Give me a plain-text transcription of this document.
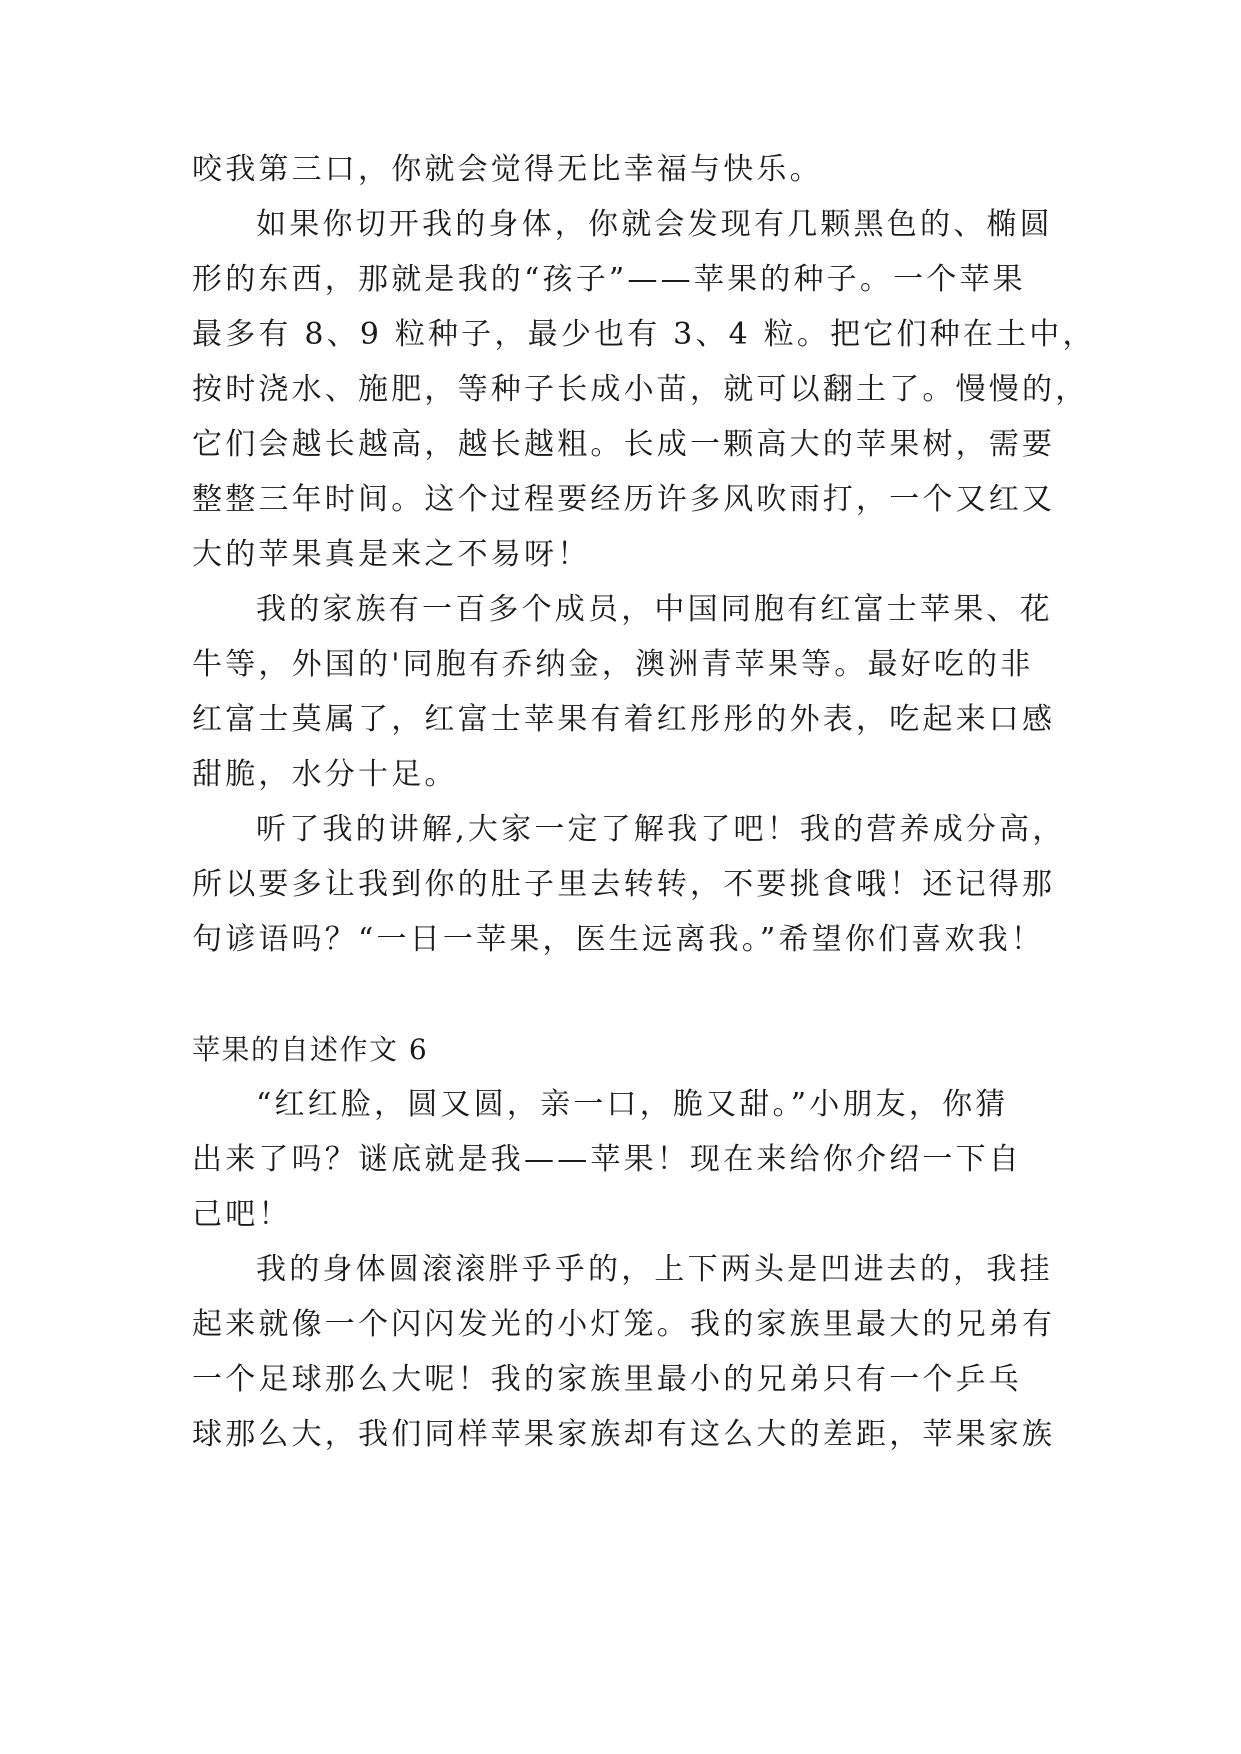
咬我第三口，你就会觉得无比幸福与快乐。
如果你切开我的身体，你就会发现有几颗黑色的、椭圆
形的东西，那就是我的“孩子”——苹果的种子。一个苹果
最多有 8、9 粒种子，最少也有 3、4 粒。把它们种在土中，
按时浇水、施肥，等种子长成小苗，就可以翻土了。慢慢的，
它们会越长越高，越长越粗。长成一颗高大的苹果树，需要
整整三年时间。这个过程要经历许多风吹雨打，一个又红又
大的苹果真是来之不易呀！
我的家族有一百多个成员，中国同胞有红富士苹果、花
牛等，外国的'同胞有乔纳金，澳洲青苹果等。最好吃的非
红富士莫属了，红富士苹果有着红彤彤的外表，吃起来口感
甜脆，水分十足。
听了我的讲解,大家一定了解我了吧！我的营养成分高，
所以要多让我到你的肚子里去转转，不要挑食哦！还记得那
句谚语吗？“一日一苹果，医生远离我。”希望你们喜欢我！
苹果的自述作文 6
“红红脸，圆又圆，亲一口，脆又甜。”小朋友，你猜
出来了吗？谜底就是我——苹果！现在来给你介绍一下自
己吧！
我的身体圆滚滚胖乎乎的，上下两头是凹进去的，我挂
起来就像一个闪闪发光的小灯笼。我的家族里最大的兄弟有
一个足球那么大呢！我的家族里最小的兄弟只有一个乒乓
球那么大，我们同样苹果家族却有这么大的差距，苹果家族
